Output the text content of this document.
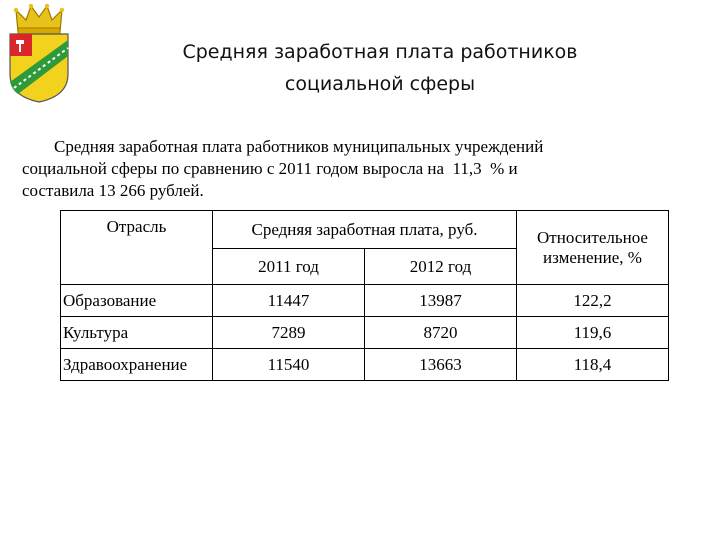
Средняя заработная плата работников
социальной сферы
Средняя заработная плата работников муниципальных учреждений
социальной сферы по сравнению с 2011 годом выросла на  11,3  % и
составила 13 266 рублей.
Отрасль	Средняя заработная плата, руб.		Относительное
изменение, %

	2011 год	2012 год	
Образование	11447	13987	122,2
Культура	7289	8720	119,6
Здравоохранение	11540	13663	118,4
